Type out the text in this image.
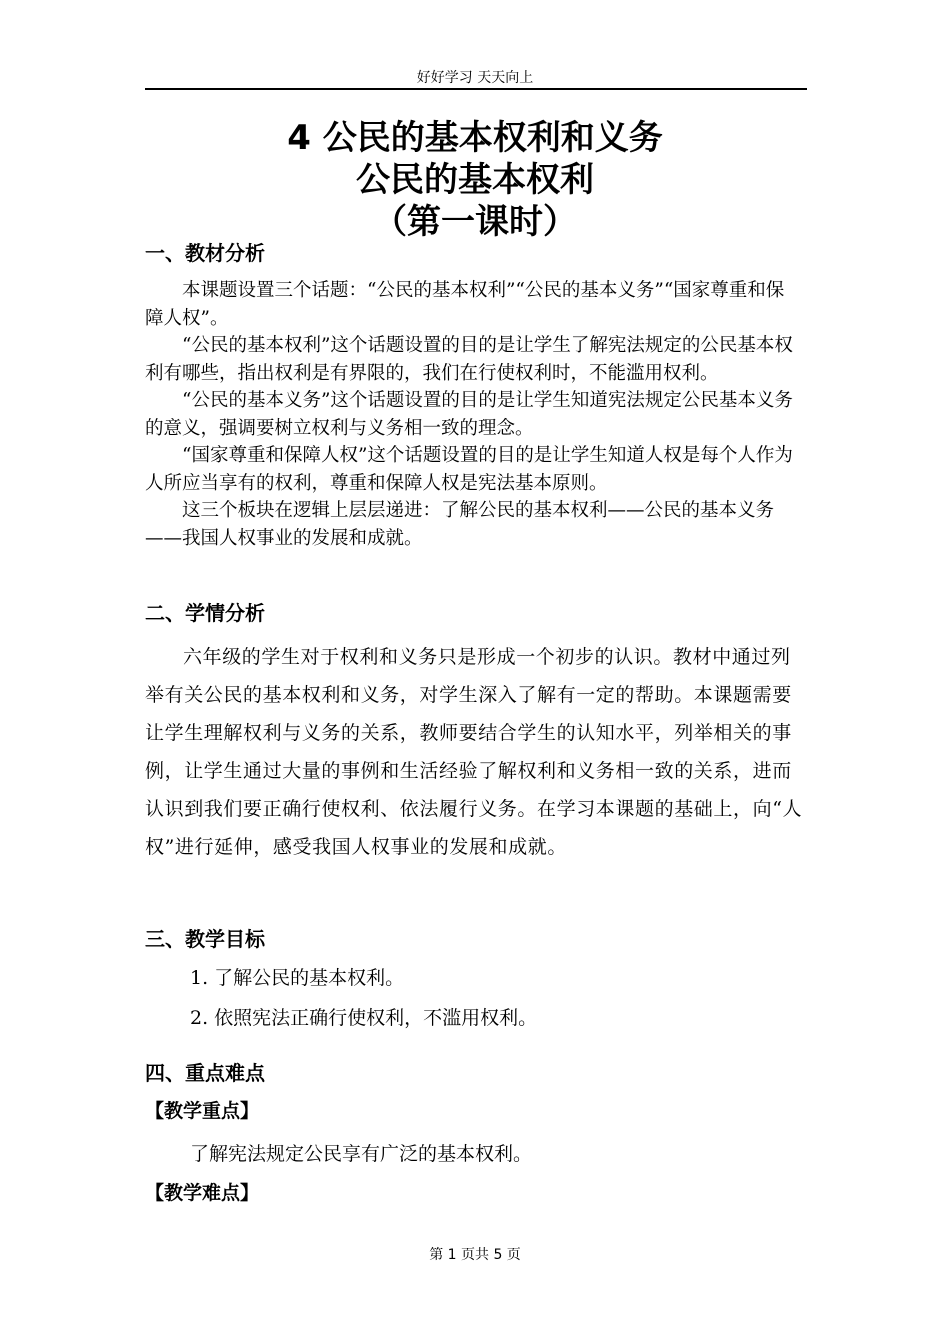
好好学习 天天向上
4 公民的基本权利和义务
公民的基本权利
（第一课时）
一、教材分析

本课题设置三个话题：“公民的基本权利”“公民的基本义务”“国家尊重和保障人权”。

“公民的基本权利”这个话题设置的目的是让学生了解宪法规定的公民基本权利有哪些，指出权利是有界限的，我们在行使权利时，不能滥用权利。

“公民的基本义务”这个话题设置的目的是让学生知道宪法规定公民基本义务的意义，强调要树立权利与义务相一致的理念。

“国家尊重和保障人权”这个话题设置的目的是让学生知道人权是每个人作为人所应当享有的权利，尊重和保障人权是宪法基本原则。

这三个板块在逻辑上层层递进：了解公民的基本权利——公民的基本义务——我国人权事业的发展和成就。

二、学情分析

六年级的学生对于权利和义务只是形成一个初步的认识。教材中通过列举有关公民的基本权利和义务，对学生深入了解有一定的帮助。本课题需要让学生理解权利与义务的关系，教师要结合学生的认知水平，列举相关的事例，让学生通过大量的事例和生活经验了解权利和义务相一致的关系，进而认识到我们要正确行使权利、依法履行义务。在学习本课题的基础上，向“人权”进行延伸，感受我国人权事业的发展和成就。

三、教学目标
1. 了解公民的基本权利。
2. 依照宪法正确行使权利，不滥用权利。
四、重点难点
【教学重点】
了解宪法规定公民享有广泛的基本权利。
【教学难点】
第 1 页共 5 页
